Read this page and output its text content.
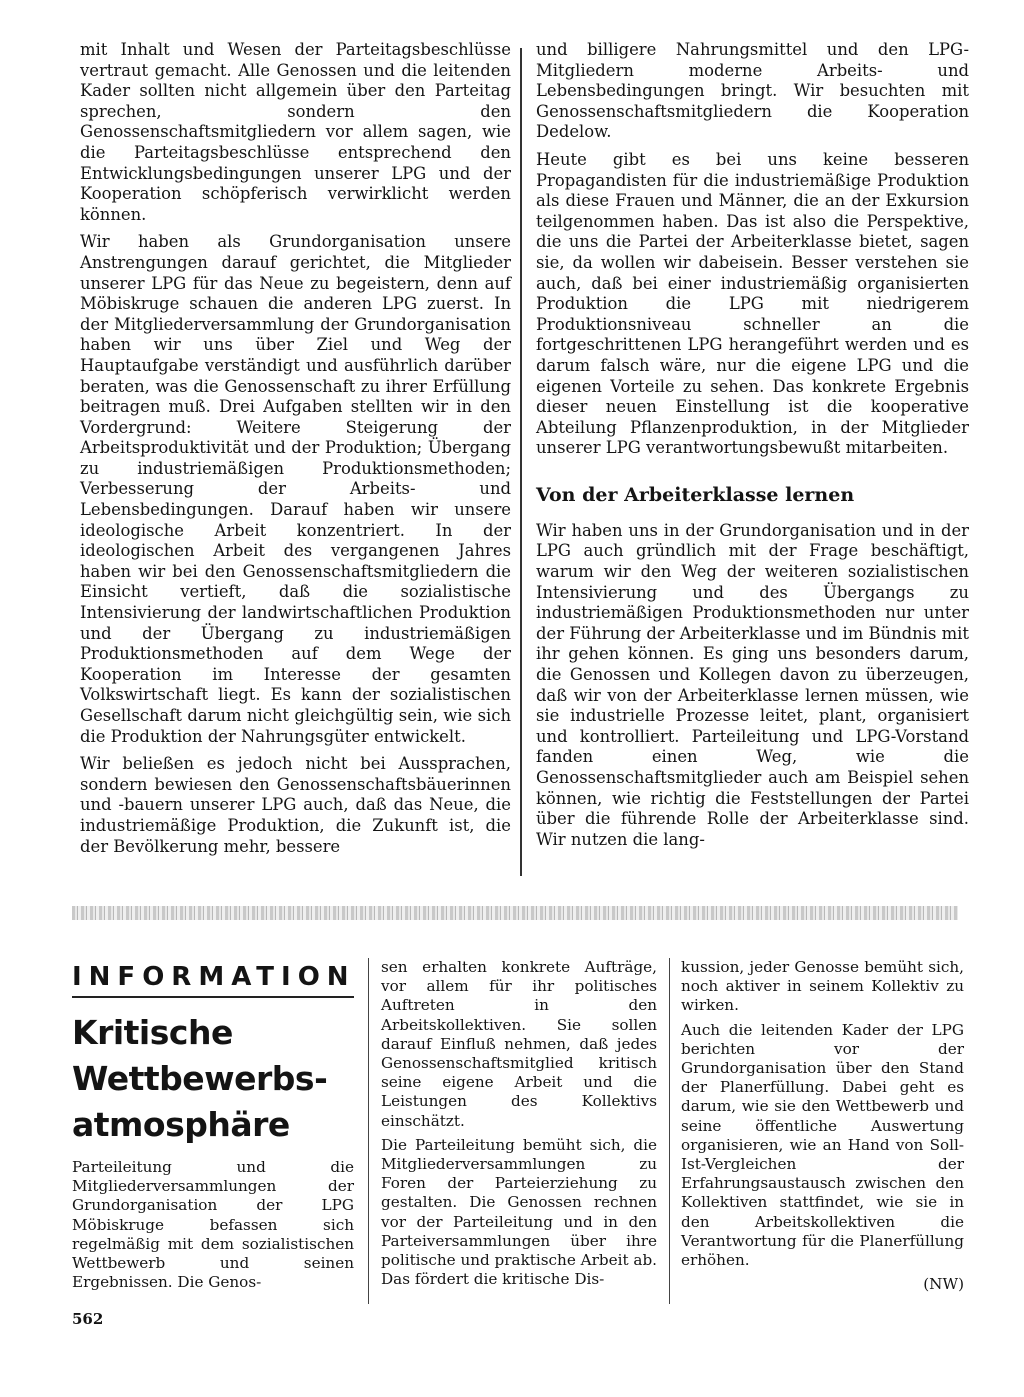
mit Inhalt und Wesen der Parteitagsbeschlüsse vertraut gemacht. Alle Genossen und die leitenden Kader sollten nicht allgemein über den Parteitag sprechen, sondern den Genossenschaftsmitgliedern vor allem sagen, wie die Parteitagsbeschlüsse entsprechend den Entwicklungsbedingungen unserer LPG und der Kooperation schöpferisch verwirklicht werden können.

Wir haben als Grundorganisation unsere Anstrengungen darauf gerichtet, die Mitglieder unserer LPG für das Neue zu begeistern, denn auf Möbiskruge schauen die anderen LPG zuerst. In der Mitgliederversammlung der Grundorganisation haben wir uns über Ziel und Weg der Hauptaufgabe verständigt und ausführlich darüber beraten, was die Genossenschaft zu ihrer Erfüllung beitragen muß. Drei Aufgaben stellten wir in den Vordergrund: Weitere Steigerung der Arbeitsproduktivität und der Produktion; Übergang zu industriemäßigen Produktionsmethoden; Verbesserung der Arbeits- und Lebensbedingungen. Darauf haben wir unsere ideologische Arbeit konzentriert. In der ideologischen Arbeit des vergangenen Jahres haben wir bei den Genossenschaftsmitgliedern die Einsicht vertieft, daß die sozialistische Intensivierung der landwirtschaftlichen Produktion und der Übergang zu industriemäßigen Produktionsmethoden auf dem Wege der Kooperation im Interesse der gesamten Volkswirtschaft liegt. Es kann der sozialistischen Gesellschaft darum nicht gleichgültig sein, wie sich die Produktion der Nahrungsgüter entwickelt.

Wir beließen es jedoch nicht bei Aussprachen, sondern bewiesen den Genossenschaftsbäuerinnen und -bauern unserer LPG auch, daß das Neue, die industriemäßige Produktion, die Zukunft ist, die der Bevölkerung mehr, bessere

und billigere Nahrungsmittel und den LPG-Mitgliedern moderne Arbeits- und Lebensbedingungen bringt. Wir besuchten mit Genossenschaftsmitgliedern die Kooperation Dedelow.

Heute gibt es bei uns keine besseren Propagandisten für die industriemäßige Produktion als diese Frauen und Männer, die an der Exkursion teilgenommen haben. Das ist also die Perspektive, die uns die Partei der Arbeiterklasse bietet, sagen sie, da wollen wir dabeisein. Besser verstehen sie auch, daß bei einer industriemäßig organisierten Produktion die LPG mit niedrigerem Produktionsniveau schneller an die fortgeschrittenen LPG herangeführt werden und es darum falsch wäre, nur die eigene LPG und die eigenen Vorteile zu sehen. Das konkrete Ergebnis dieser neuen Einstellung ist die kooperative Abteilung Pflanzenproduktion, in der Mitglieder unserer LPG verantwortungsbewußt mitarbeiten.

Von der Arbeiterklasse lernen

Wir haben uns in der Grundorganisation und in der LPG auch gründlich mit der Frage beschäftigt, warum wir den Weg der weiteren sozialistischen Intensivierung und des Übergangs zu industriemäßigen Produktionsmethoden nur unter der Führung der Arbeiterklasse und im Bündnis mit ihr gehen können. Es ging uns besonders darum, die Genossen und Kollegen davon zu überzeugen, daß wir von der Arbeiterklasse lernen müssen, wie sie industrielle Prozesse leitet, plant, organisiert und kontrolliert. Parteileitung und LPG-Vorstand fanden einen Weg, wie die Genossenschaftsmitglieder auch am Beispiel sehen können, wie richtig die Feststellungen der Partei über die führende Rolle der Arbeiterklasse sind. Wir nutzen die lang-

INFORMATION
Kritische
Wettbewerbs-
atmosphäre

Parteileitung und die Mitgliederversammlungen der Grundorganisation der LPG Möbiskruge befassen sich regelmäßig mit dem sozialistischen Wettbewerb und seinen Ergebnissen. Die Genos-

sen erhalten konkrete Aufträge, vor allem für ihr politisches Auftreten in den Arbeitskollektiven. Sie sollen darauf Einfluß nehmen, daß jedes Genossenschaftsmitglied kritisch seine eigene Arbeit und die Leistungen des Kollektivs einschätzt.

Die Parteileitung bemüht sich, die Mitgliederversammlungen zu Foren der Parteierziehung zu gestalten. Die Genossen rechnen vor der Parteileitung und in den Parteiversammlungen über ihre politische und praktische Arbeit ab. Das fördert die kritische Dis-

kussion, jeder Genosse bemüht sich, noch aktiver in seinem Kollektiv zu wirken.

Auch die leitenden Kader der LPG berichten vor der Grundorganisation über den Stand der Planerfüllung. Dabei geht es darum, wie sie den Wettbewerb und seine öffentliche Auswertung organisieren, wie an Hand von Soll-Ist-Vergleichen der Erfahrungsaustausch zwischen den Kollektiven stattfindet, wie sie in den Arbeitskollektiven die Verantwortung für die Planerfüllung erhöhen.

(NW)
562
